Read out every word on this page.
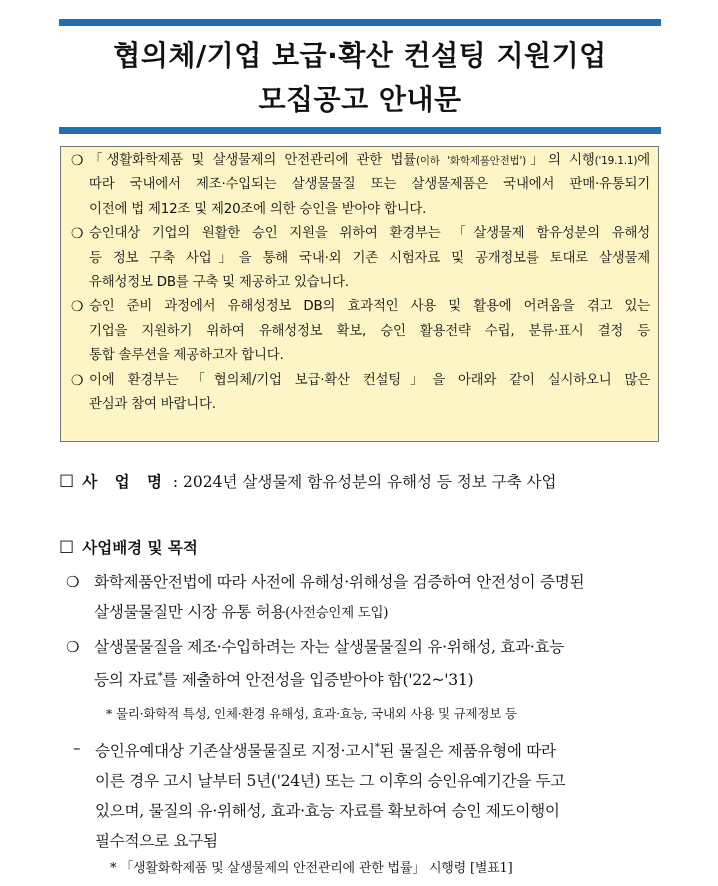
협의체/기업 보급·확산 컨설팅 지원기업
모집공고 안내문
❍ 「생활화학제품 및 살생물제의 안전관리에 관한 법률(이하 '화학제품안전법')」의 시행('19.1.1)에
따라 국내에서 제조·수입되는 살생물물질 또는 살생물제품은 국내에서 판매·유통되기
이전에 법 제12조 및 제20조에 의한 승인을 받아야 합니다.
❍ 승인대상 기업의 원활한 승인 지원을 위하여 환경부는 「살생물제 함유성분의 유해성
등 정보 구축 사업」을 통해 국내·외 기존 시험자료 및 공개정보를 토대로 살생물제
유해성정보 DB를 구축 및 제공하고 있습니다.
❍ 승인 준비 과정에서 유해성정보 DB의 효과적인 사용 및 활용에 어려움을 겪고 있는
기업을 지원하기 위하여 유해성정보 확보, 승인 활용전략 수립, 분류·표시 결정 등
통합 솔루션을 제공하고자 합니다.
❍ 이에 환경부는 「협의체/기업 보급·확산 컨설팅」을 아래와 같이 실시하오니 많은
관심과 참여 바랍니다.
☐ 사 업 명 : 2024년 살생물제 함유성분의 유해성 등 정보 구축 사업
☐ 사업배경 및 목적
❍ 화학제품안전법에 따라 사전에 유해성·위해성을 검증하여 안전성이 증명된
살생물물질만 시장 유통 허용(사전승인제 도입)
❍ 살생물물질을 제조·수입하려는 자는 살생물물질의 유·위해성, 효과·효능
등의 자료*를 제출하여 안전성을 입증받아야 함('22~'31)
* 물리·화학적 특성, 인체·환경 유해성, 효과·효능, 국내외 사용 및 규제정보 등
– 승인유예대상 기존살생물물질로 지정·고시*된 물질은 제품유형에 따라
이른 경우 고시 날부터 5년('24년) 또는 그 이후의 승인유예기간을 두고
있으며, 물질의 유·위해성, 효과·효능 자료를 확보하여 승인 제도이행이
필수적으로 요구됨
* 「생활화학제품 및 살생물제의 안전관리에 관한 법률」 시행령 [별표1]
